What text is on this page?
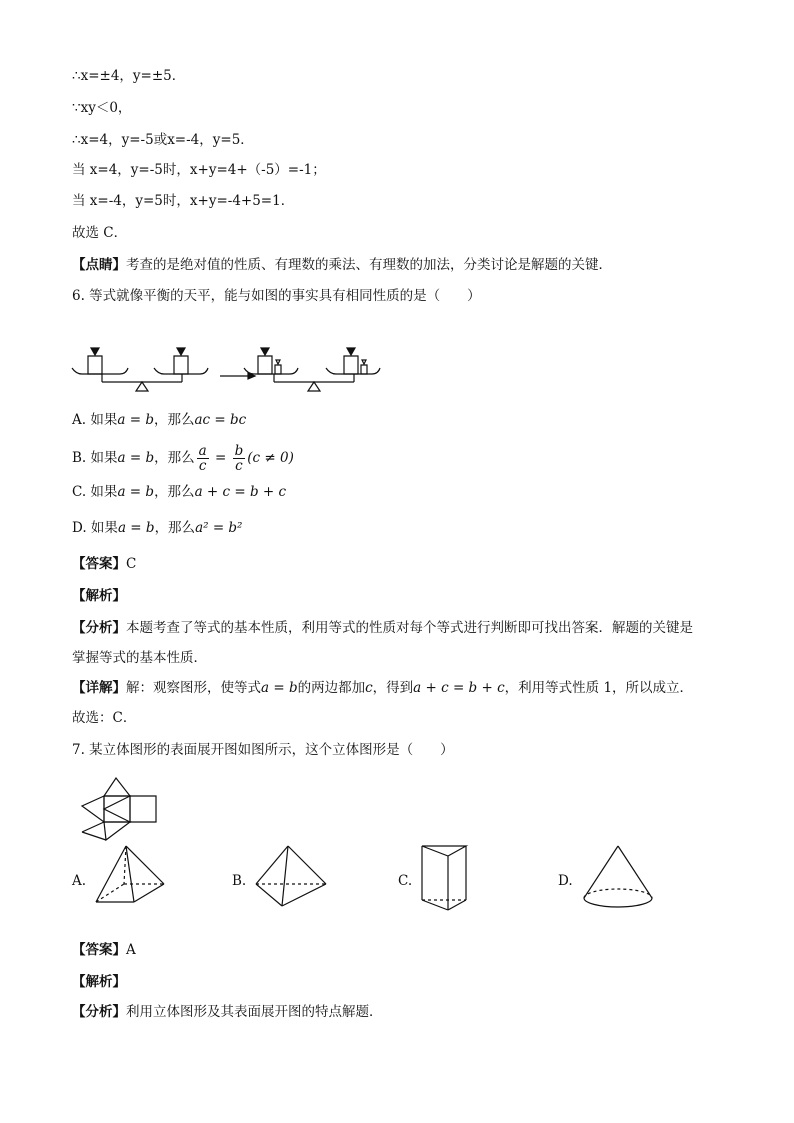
∴x=±4，y=±5．
∵xy＜0，
∴x=4，y=-5或x=-4，y=5．
当 x=4，y=-5时，x+y=4+（-5）=-1；
当 x=-4，y=5时，x+y=-4+5=1．
故选 C．
【点睛】考查的是绝对值的性质、有理数的乘法、有理数的加法，分类讨论是解题的关键．
6. 等式就像平衡的天平，能与如图的事实具有相同性质的是（　　）
A. 如果a = b，那么ac = bc
B. 如果a = b，那么 $\frac{a}{c} = \frac{b}{c} (c \ne 0)$
C. 如果a = b，那么a + c = b + c
D. 如果a = b，那么a² = b²
【答案】C
【解析】
【分析】本题考查了等式的基本性质，利用等式的性质对每个等式进行判断即可找出答案．解题的关键是
掌握等式的基本性质．
【详解】解：观察图形，使等式a = b的两边都加c，得到a + c = b + c，利用等式性质 1，所以成立．
故选：C．
7. 某立体图形的表面展开图如图所示，这个立体图形是（　　）
A.	B.	C.	D.
【答案】A
【解析】
【分析】利用立体图形及其表面展开图的特点解题．
